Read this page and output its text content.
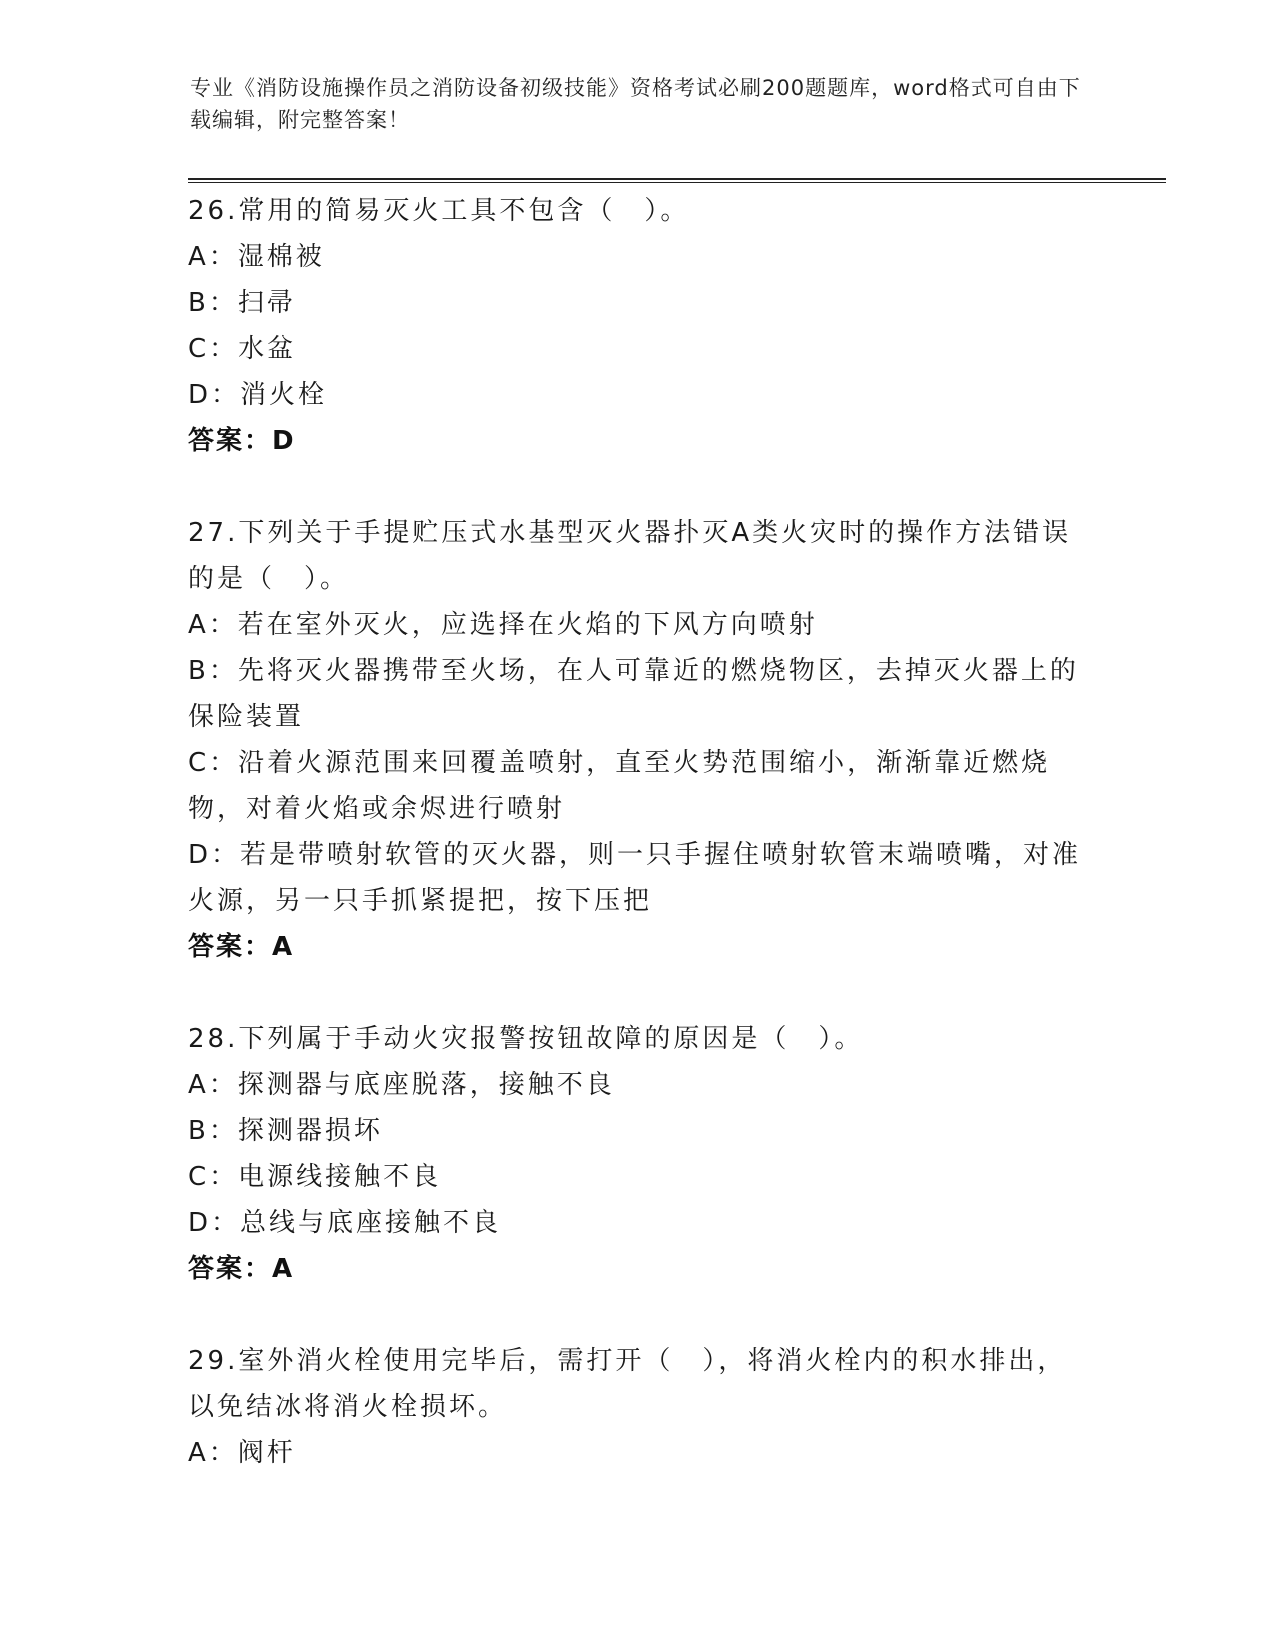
专业《消防设施操作员之消防设备初级技能》资格考试必刷200题题库，word格式可自由下载编辑，附完整答案！
26.常用的简易灭火工具不包含（　）。
A：湿棉被
B：扫帚
C：水盆
D：消火栓
答案：D
27.下列关于手提贮压式水基型灭火器扑灭A类火灾时的操作方法错误的是（　）。
A：若在室外灭火，应选择在火焰的下风方向喷射
B：先将灭火器携带至火场，在人可靠近的燃烧物区，去掉灭火器上的保险装置
C：沿着火源范围来回覆盖喷射，直至火势范围缩小，渐渐靠近燃烧物，对着火焰或余烬进行喷射
D：若是带喷射软管的灭火器，则一只手握住喷射软管末端喷嘴，对准火源，另一只手抓紧提把，按下压把
答案：A
28.下列属于手动火灾报警按钮故障的原因是（　）。
A：探测器与底座脱落，接触不良
B：探测器损坏
C：电源线接触不良
D：总线与底座接触不良
答案：A
29.室外消火栓使用完毕后，需打开（　），将消火栓内的积水排出，以免结冰将消火栓损坏。
A：阀杆
